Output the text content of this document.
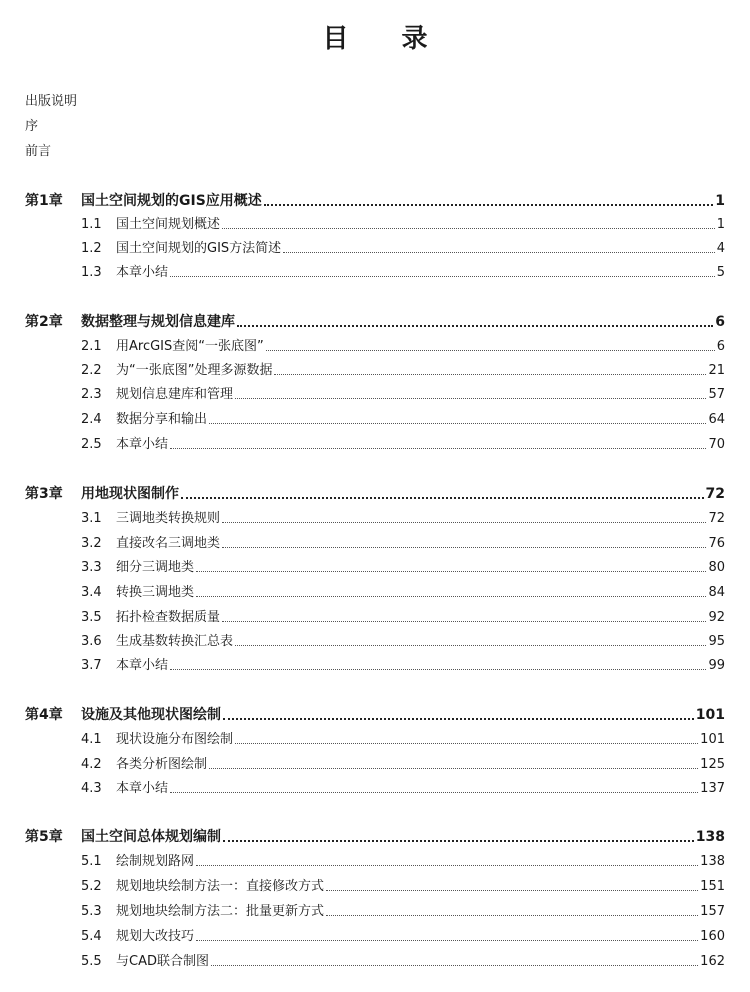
目 录
出版说明
序
前言
第1章	国土空间规划的GIS应用概述	1
1.1	国土空间规划概述	1
1.2	国土空间规划的GIS方法简述	4
1.3	本章小结	5
第2章	数据整理与规划信息建库	6
2.1	用ArcGIS查阅“一张底图”	6
2.2	为“一张底图”处理多源数据	21
2.3	规划信息建库和管理	57
2.4	数据分享和输出	64
2.5	本章小结	70
第3章	用地现状图制作	72
3.1	三调地类转换规则	72
3.2	直接改名三调地类	76
3.3	细分三调地类	80
3.4	转换三调地类	84
3.5	拓扑检查数据质量	92
3.6	生成基数转换汇总表	95
3.7	本章小结	99
第4章	设施及其他现状图绘制	101
4.1	现状设施分布图绘制	101
4.2	各类分析图绘制	125
4.3	本章小结	137
第5章	国土空间总体规划编制	138
5.1	绘制规划路网	138
5.2	规划地块绘制方法一：直接修改方式	151
5.3	规划地块绘制方法二：批量更新方式	157
5.4	规划大改技巧	160
5.5	与CAD联合制图	162
